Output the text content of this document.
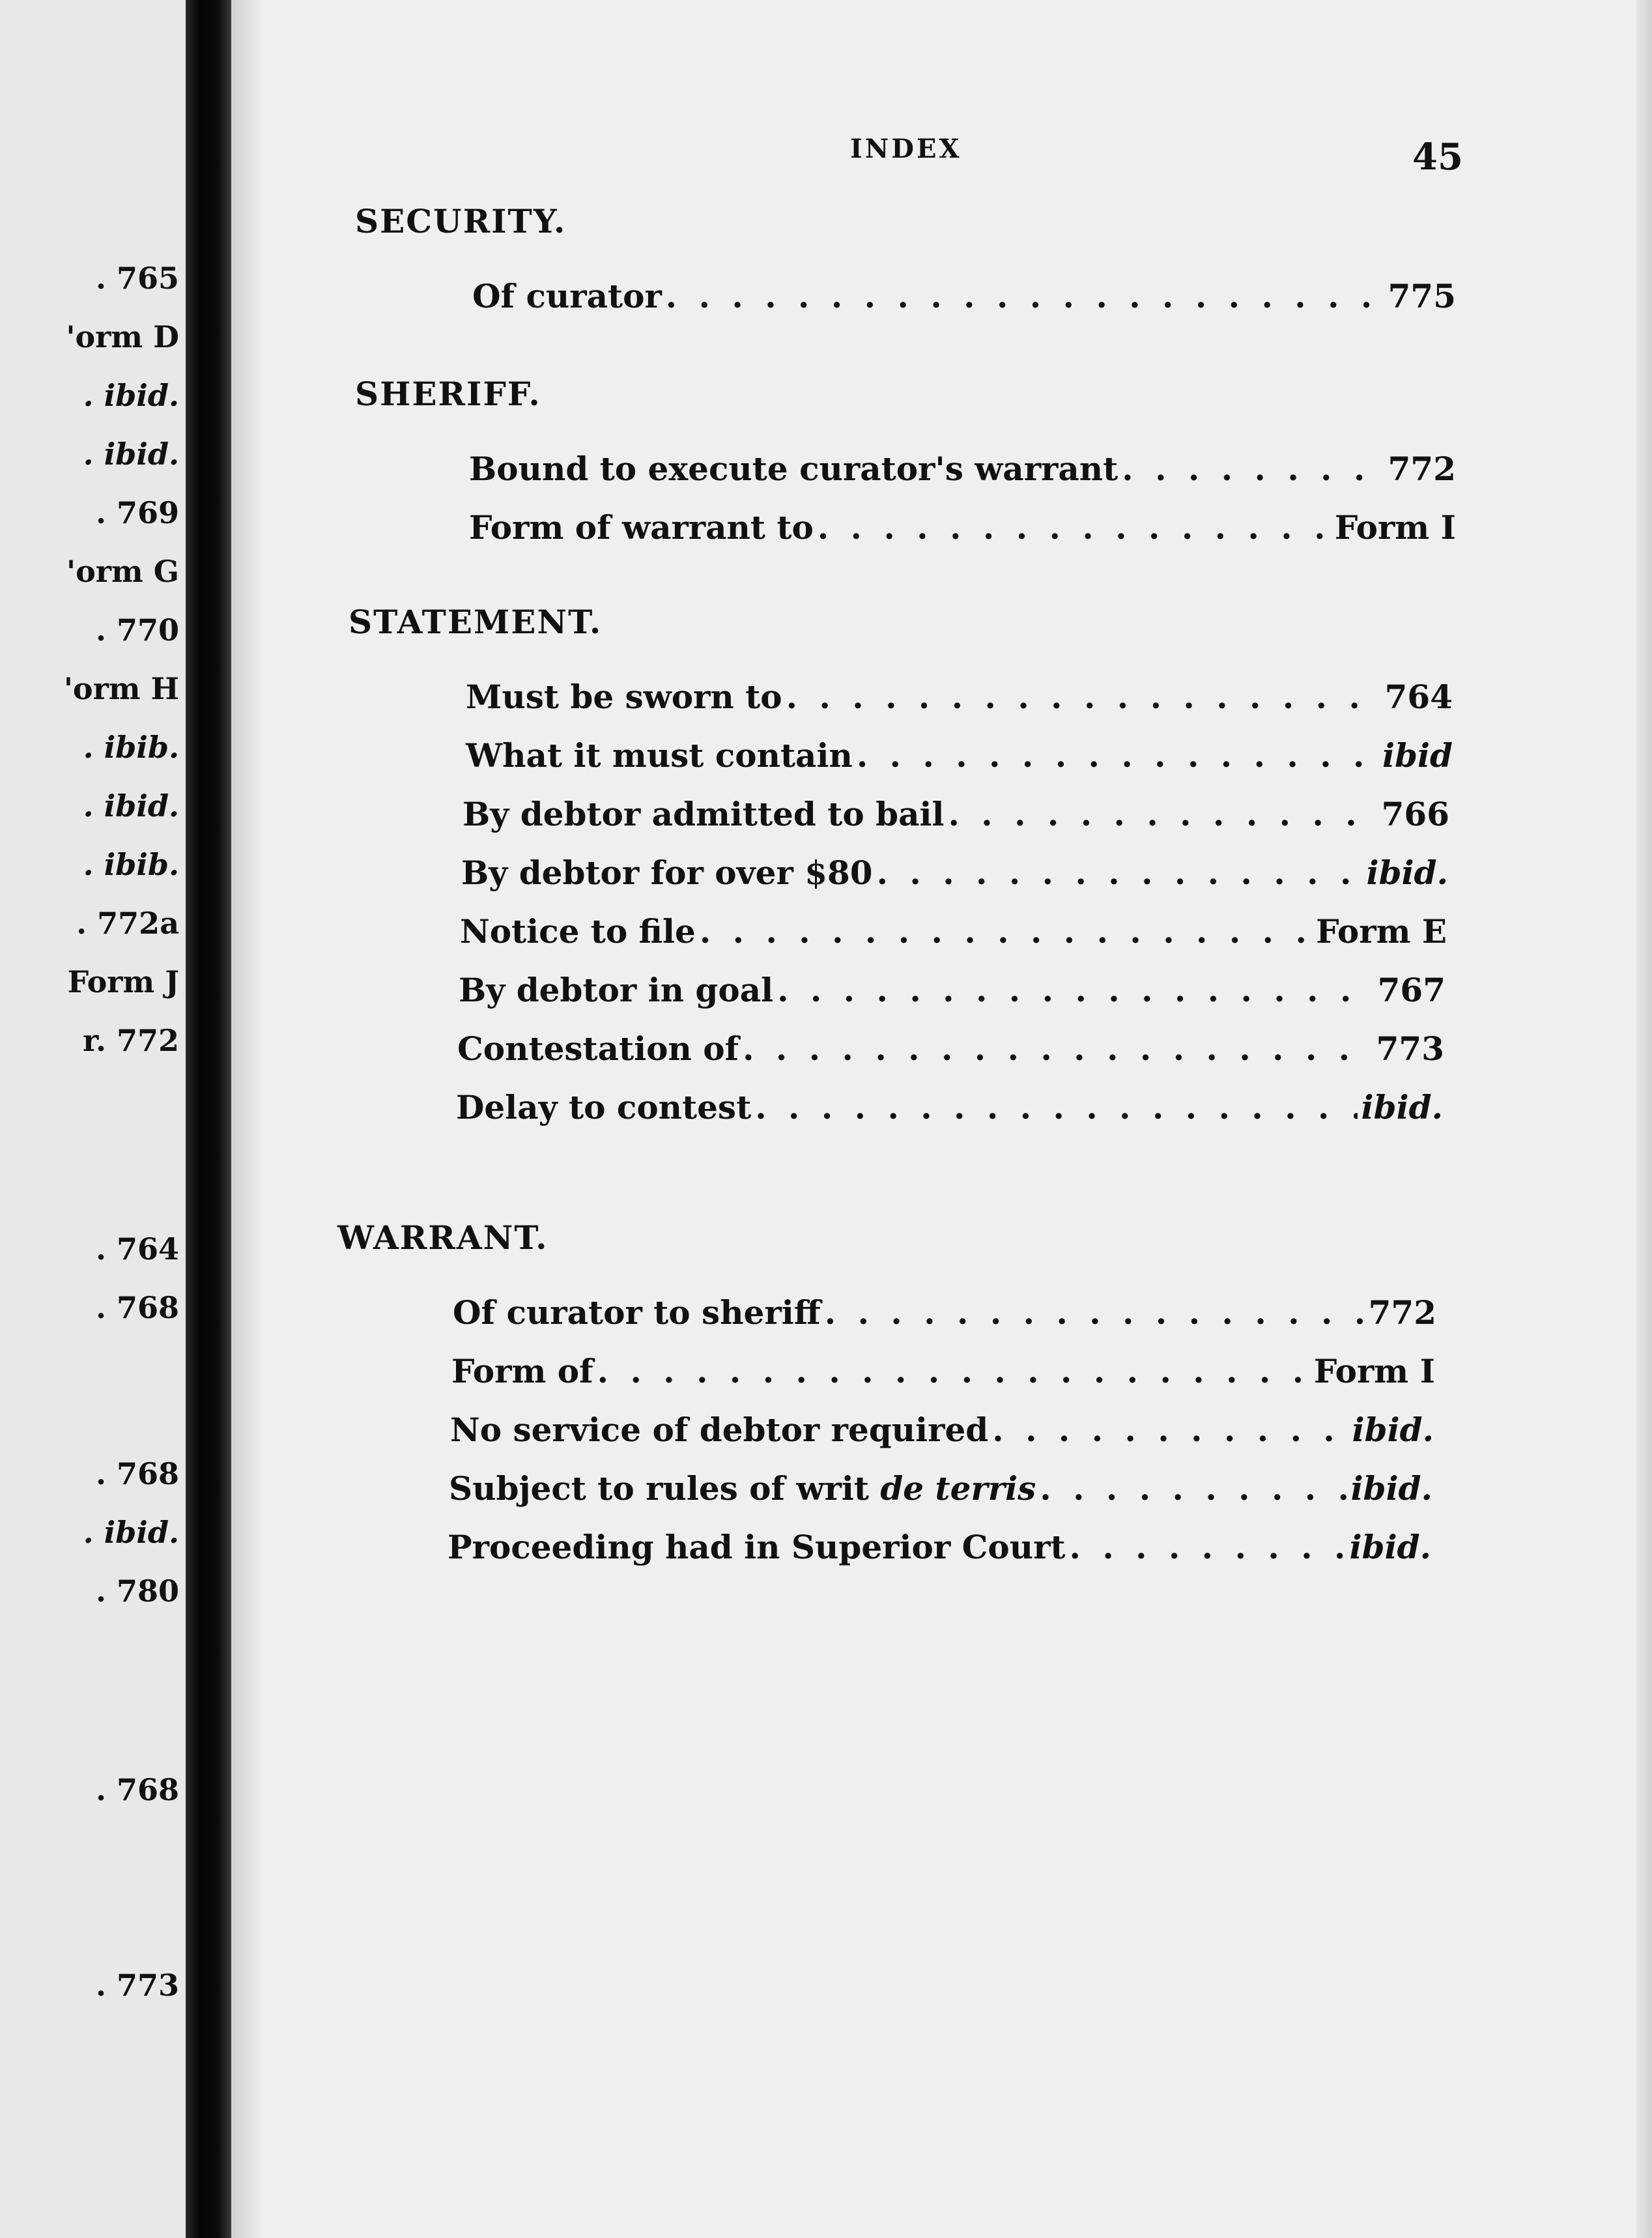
. 765
'orm D
. ibid.
. ibid.
. 769
'orm G
. 770
'orm H
. ibib.
. ibid.
. ibib.
. 772a
Form J
r. 772
. 764
. 768
. 768
. ibid.
. 780
. 768
. 773
INDEX	45
SECURITY.
Of curator . . .	775
SHERIFF.
Bound to execute curator's warrant . . .	772
Form of warrant to . . .	Form I
STATEMENT.
Must be sworn to . . .	764
What it must contain . . .	ibid
By debtor admitted to bail . . .	766
By debtor for over $80 . . .	ibid.
Notice to file . . .	Form E
By debtor in goal . . .	767
Contestation of . . .	773
Delay to contest . . .	ibid.
WARRANT.
Of curator to sheriff . . .	772
Form of . . .	Form I
No service of debtor required . . .	ibid.
Subject to rules of writ de terris . . .	ibid.
Proceeding had in Superior Court . . .	ibid.
